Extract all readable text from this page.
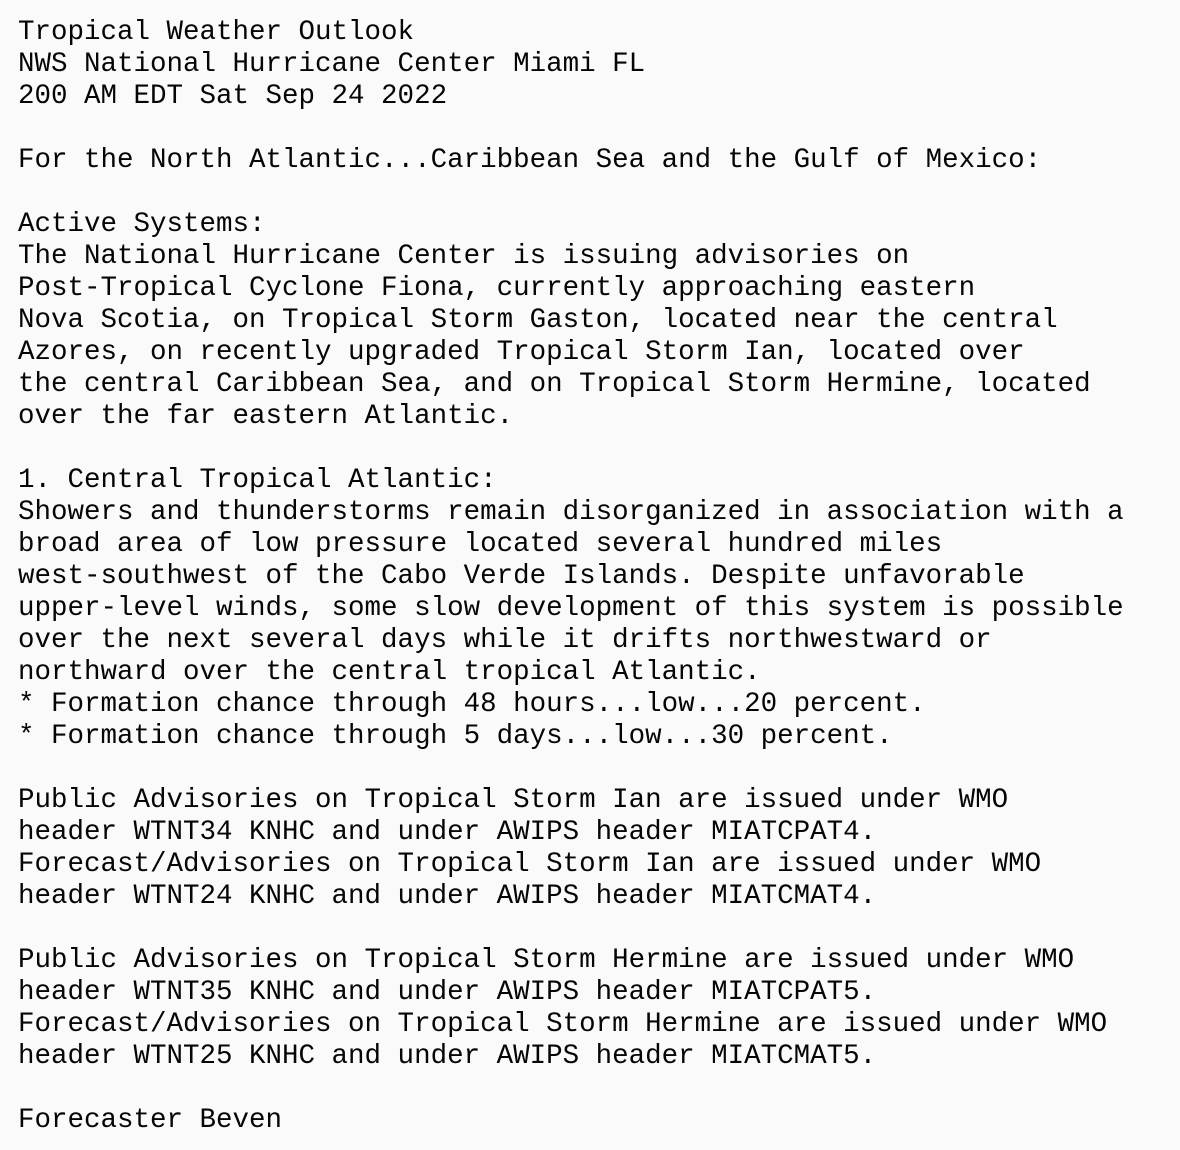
Tropical Weather Outlook
NWS National Hurricane Center Miami FL
200 AM EDT Sat Sep 24 2022
For the North Atlantic...Caribbean Sea and the Gulf of Mexico:
Active Systems:
The National Hurricane Center is issuing advisories on
Post-Tropical Cyclone Fiona, currently approaching eastern
Nova Scotia, on Tropical Storm Gaston, located near the central
Azores, on recently upgraded Tropical Storm Ian, located over
the central Caribbean Sea, and on Tropical Storm Hermine, located
over the far eastern Atlantic.
1. Central Tropical Atlantic:
Showers and thunderstorms remain disorganized in association with a
broad area of low pressure located several hundred miles
west-southwest of the Cabo Verde Islands. Despite unfavorable
upper-level winds, some slow development of this system is possible
over the next several days while it drifts northwestward or
northward over the central tropical Atlantic.
* Formation chance through 48 hours...low...20 percent.
* Formation chance through 5 days...low...30 percent.
Public Advisories on Tropical Storm Ian are issued under WMO
header WTNT34 KNHC and under AWIPS header MIATCPAT4.
Forecast/Advisories on Tropical Storm Ian are issued under WMO
header WTNT24 KNHC and under AWIPS header MIATCMAT4.
Public Advisories on Tropical Storm Hermine are issued under WMO
header WTNT35 KNHC and under AWIPS header MIATCPAT5.
Forecast/Advisories on Tropical Storm Hermine are issued under WMO
header WTNT25 KNHC and under AWIPS header MIATCMAT5.
Forecaster Beven
